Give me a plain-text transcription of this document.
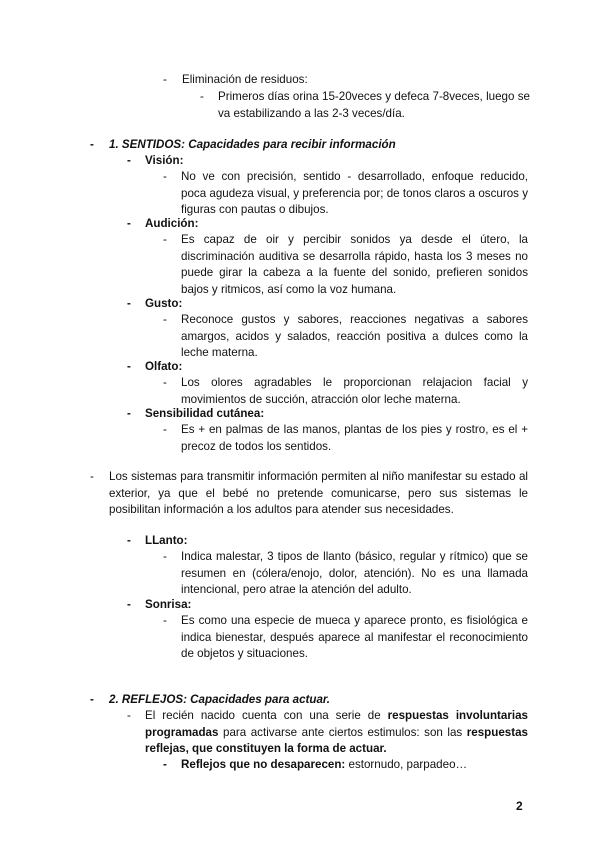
-	Eliminación de residuos:
-	Primeros días orina 15-20veces y defeca 7-8veces, luego se va estabilizando a las 2-3 veces/día.
-	1. SENTIDOS: Capacidades para recibir información
-	Visión:
-	No ve con precisión, sentido - desarrollado, enfoque reducido, poca agudeza visual, y preferencia por; de tonos claros a oscuros y figuras con pautas o dibujos.
-	Audición:
-	Es capaz de oir y percibir sonidos ya desde el útero, la discriminación auditiva se desarrolla rápido, hasta los 3 meses no puede girar la cabeza a la fuente del sonido, prefieren sonidos bajos y ritmicos, así como la voz humana.
-	Gusto:
-	Reconoce gustos y sabores, reacciones negativas a sabores amargos, acidos y salados, reacción positiva a dulces como la leche materna.
-	Olfato:
-	Los olores agradables le proporcionan relajacion facial y movimientos de succión, atracción olor leche materna.
-	Sensibilidad cutánea:
-	Es + en palmas de las manos, plantas de los pies y rostro, es el + precoz de todos los sentidos.
-	Los sistemas para transmitir información permiten al niño manifestar su estado al exterior, ya que el bebé no pretende comunicarse, pero sus sistemas le posibilitan información a los adultos para atender sus necesidades.
-	LLanto:
-	Indica malestar, 3 tipos de llanto (básico, regular y rítmico) que se resumen en (cólera/enojo, dolor, atención). No es una llamada intencional, pero atrae la atención del adulto.
-	Sonrisa:
-	Es como una especie de mueca y aparece pronto, es fisiológica e indica bienestar, después aparece al manifestar el reconocimiento de objetos y situaciones.
-	2. REFLEJOS: Capacidades para actuar.
-	El recién nacido cuenta con una serie de respuestas involuntarias programadas para activarse ante ciertos estimulos: son las respuestas reflejas, que constituyen la forma de actuar.
-	Reflejos que no desaparecen: estornudo, parpadeo…
2
